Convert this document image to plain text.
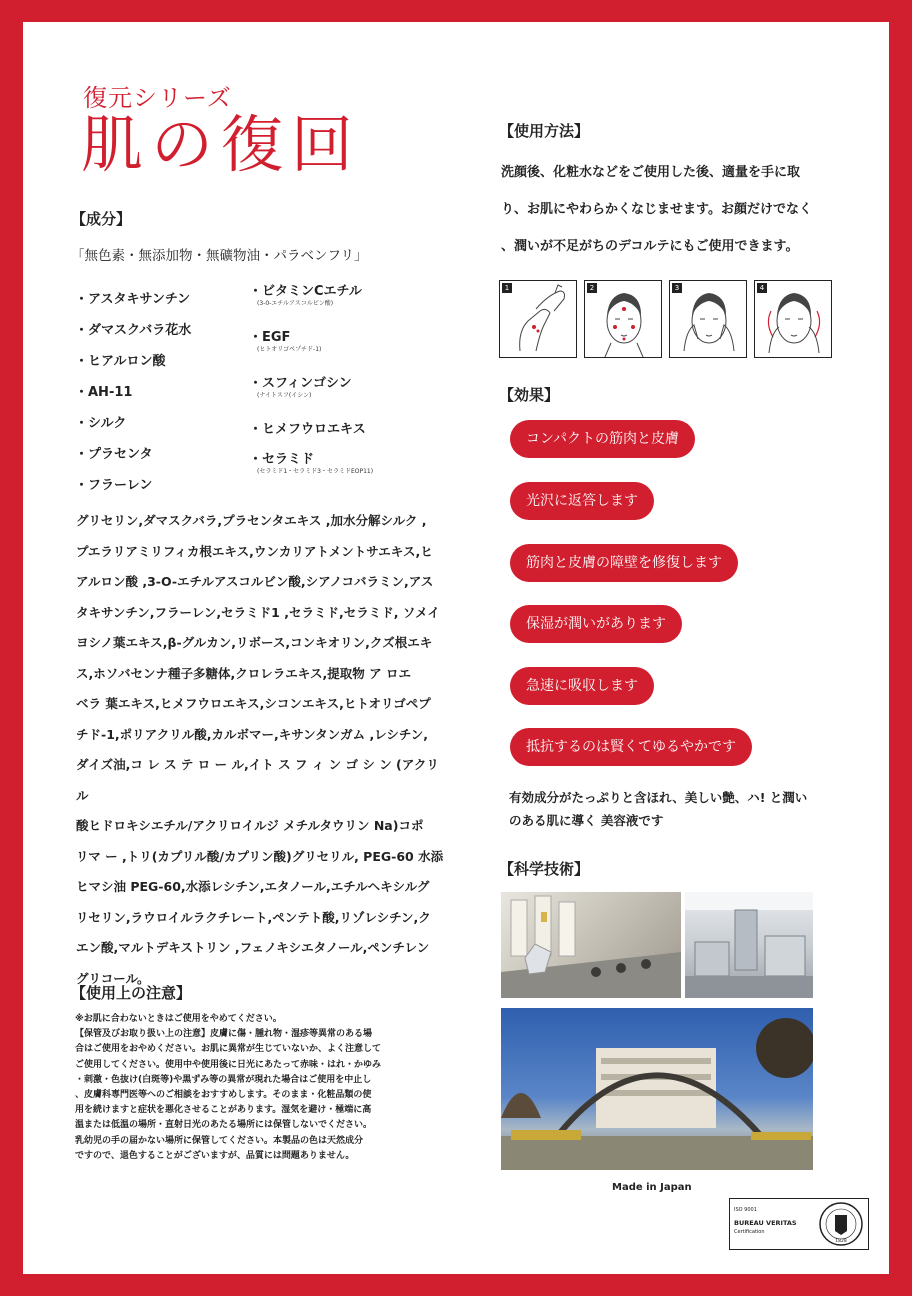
復元シリーズ
肌の復回
【成分】
「無色素・無添加物・無礦物油・パラベンフリ」
・アスタキサンチン
・ダマスクバラ花水
・ヒアルロン酸
・AH-11
・シルク
・プラセンタ
・フラーレン
・ビタミンCエチル
(3-0-エチルアスコルビン酸)
・EGF
(ヒトオリゴペプチド-1)
・スフィンゴシン
(ナイトスフ(イシン)
・ヒメフウロエキス
・セラミド
(セラミド1・セラミド3・セラミドEOP11)
グリセリン,ダマスクバラ,プラセンタエキス ,加水分解シルク ,
プエラリアミリフィカ根エキス,ウンカリアトメントサエキス,ヒ
アルロン酸 ,3-O-エチルアスコルビン酸,シアノコバラミン,アス
タキサンチン,フラーレン,セラミド1 ,セラミド,セラミド, ソメイ
ヨシノ葉エキス,β-グルカン,リボース,コンキオリン,クズ根エキ
ス,ホソバセンナ種子多糖体,クロレラエキス,提取物 ア ロエ
ベラ 葉エキス,ヒメフウロエキス,シコンエキス,ヒトオリゴペプ
チド-1,ポリアクリル酸,カルボマー,キサンタンガム ,レシチン,
ダイズ油,コ レ ス テ ロ ー ル,イト ス フ ィ ン ゴ シ ン (アクリル
酸ヒドロキシエチル/アクリロイルジ メチルタウリン Na)コポ
リマ ー ,トリ(カプリル酸/カプリン酸)グリセリル, PEG-60 水添
ヒマシ油 PEG-60,水添レシチン,エタノール,エチルヘキシルグ
リセリン,ラウロイルラクチレート,ペンテト酸,リゾレシチン,ク
エン酸,マルトデキストリン ,フェノキシエタノール,ペンチレン
グリコール。
【使用上の注意】
※お肌に合わないときはご使用をやめてください。
【保管及びお取り扱い上の注意】皮膚に傷・腫れ物・湿疹等異常のある場
合はご使用をおやめください。お肌に異常が生じていないか、よく注意して
ご使用してください。使用中や使用後に日光にあたって赤味・はれ・かゆみ
・刺激・色抜け(白斑等)や黒ずみ等の異常が現れた場合はご使用を中止し
、皮膚科専門医等へのご相談をおすすめします。そのまま・化粧品類の使
用を続けますと症状を悪化させることがあります。湿気を避け・極端に高
温または低温の場所・直射日光のあたる場所には保管しないでください。
乳幼児の手の届かない場所に保管してください。本製品の色は天然成分
ですので、退色することがございますが、品質には問題ありません。
【使用方法】
洗顔後、化粧水などをご使用した後、適量を手に取
り、お肌にやわらかくなじませます。お顔だけでなく
、潤いが不足がちのデコルテにもご使用できます。
1	2	3	4
【効果】
コンパクトの筋肉と皮膚
光沢に返答します
筋肉と皮膚の障壁を修復します
保湿が潤いがあります
急速に吸収します
抵抗するのは賢くてゆるやかです
有効成分がたっぷりと含ほれ、美しい艶、ハ! と潤い
のある肌に導く 美容液です
【科学技術】
Made in Japan
ISO 9001
BUREAU VERITAS
Certification
1828
